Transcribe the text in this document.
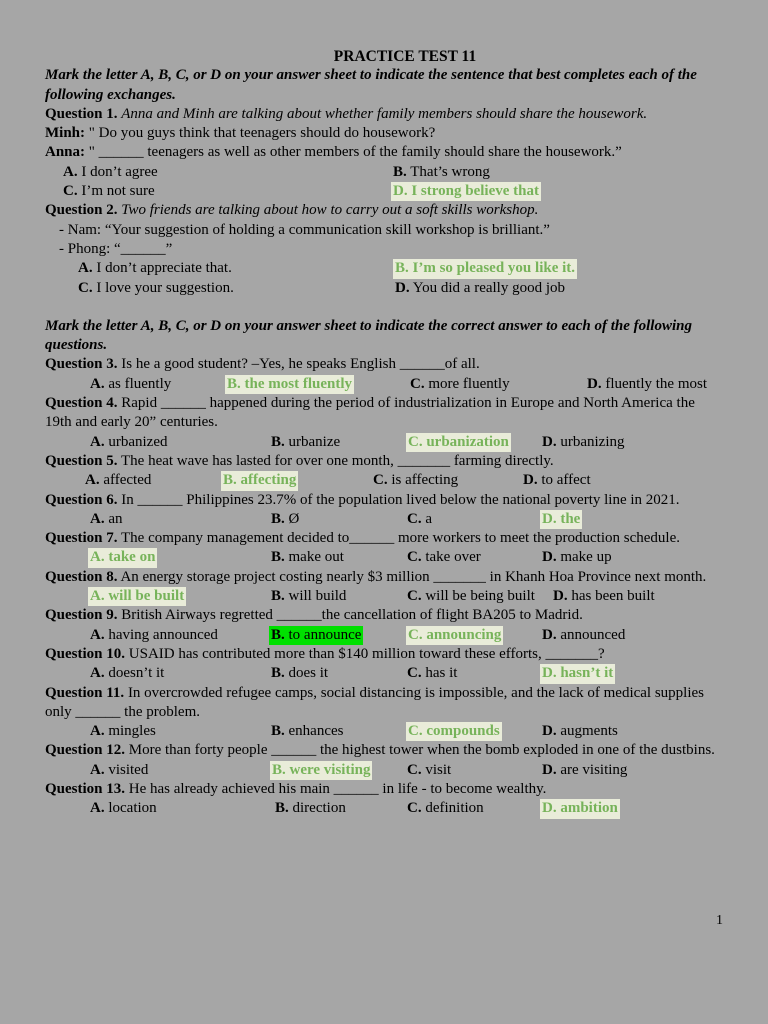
PRACTICE TEST 11
Mark the letter A, B, C, or D on your answer sheet to indicate the sentence that best completes each of the following exchanges.
Question 1. Anna and Minh are talking about whether family members should share the housework.
Minh: " Do you guys think that teenagers should do housework?
Anna: " ______ teenagers as well as other members of the family should share the housework.”
A. I don’t agree	B. That’s wrong
C. I’m not sure	D. I strong believe that
Question 2. Two friends are talking about how to carry out a soft skills workshop.
- Nam: “Your suggestion of holding a communication skill workshop is brilliant.”
- Phong: “______”
A. I don’t appreciate that.	B. I’m so pleased you like it.
C. I love your suggestion.	D. You did a really good job
Mark the letter A, B, C, or D on your answer sheet to indicate the correct answer to each of the following questions.
Question 3. Is he a good student? –Yes, he speaks English ______of all.
A. as fluently	B. the most fluently	C. more fluently	D. fluently the most
Question 4. Rapid ______ happened during the period of industrialization in Europe and North America the 19th and early 20” centuries.
A. urbanized	B. urbanize	C. urbanization D. urbanizing
Question 5. The heat wave has lasted for over one month, _______ farming directly.
A. affected	B. affecting	C. is affecting	D. to affect
Question 6. In ______ Philippines 23.7% of the population lived below the national poverty line in 2021.
A. an	B. Ø	C. a	D. the
Question 7. The company management decided to______ more workers to meet the production schedule.
A. take on	B. make out	C. take over	D. make up
Question 8. An energy storage project costing nearly $3 million _______ in Khanh Hoa Province next month.
A. will be built	B. will build	C. will be being built D. has been built
Question 9. British Airways regretted ______the cancellation of flight BA205 to Madrid.
A. having announced	B. to announce	C. announcing	D. announced
Question 10. USAID has contributed more than $140 million toward these efforts, _______?
A. doesn’t it	B. does it	C. has it	D. hasn’t it
Question 11. In overcrowded refugee camps, social distancing is impossible, and the lack of medical supplies only ______ the problem.
A. mingles	B. enhances	C. compounds	D. augments
Question 12. More than forty people ______ the highest tower when the bomb exploded in one of the dustbins.
A. visited	B. were visiting C. visit	D. are visiting
Question 13. He has already achieved his main ______ in life - to become wealthy.
A. location	B. direction	C. definition	D. ambition
1
